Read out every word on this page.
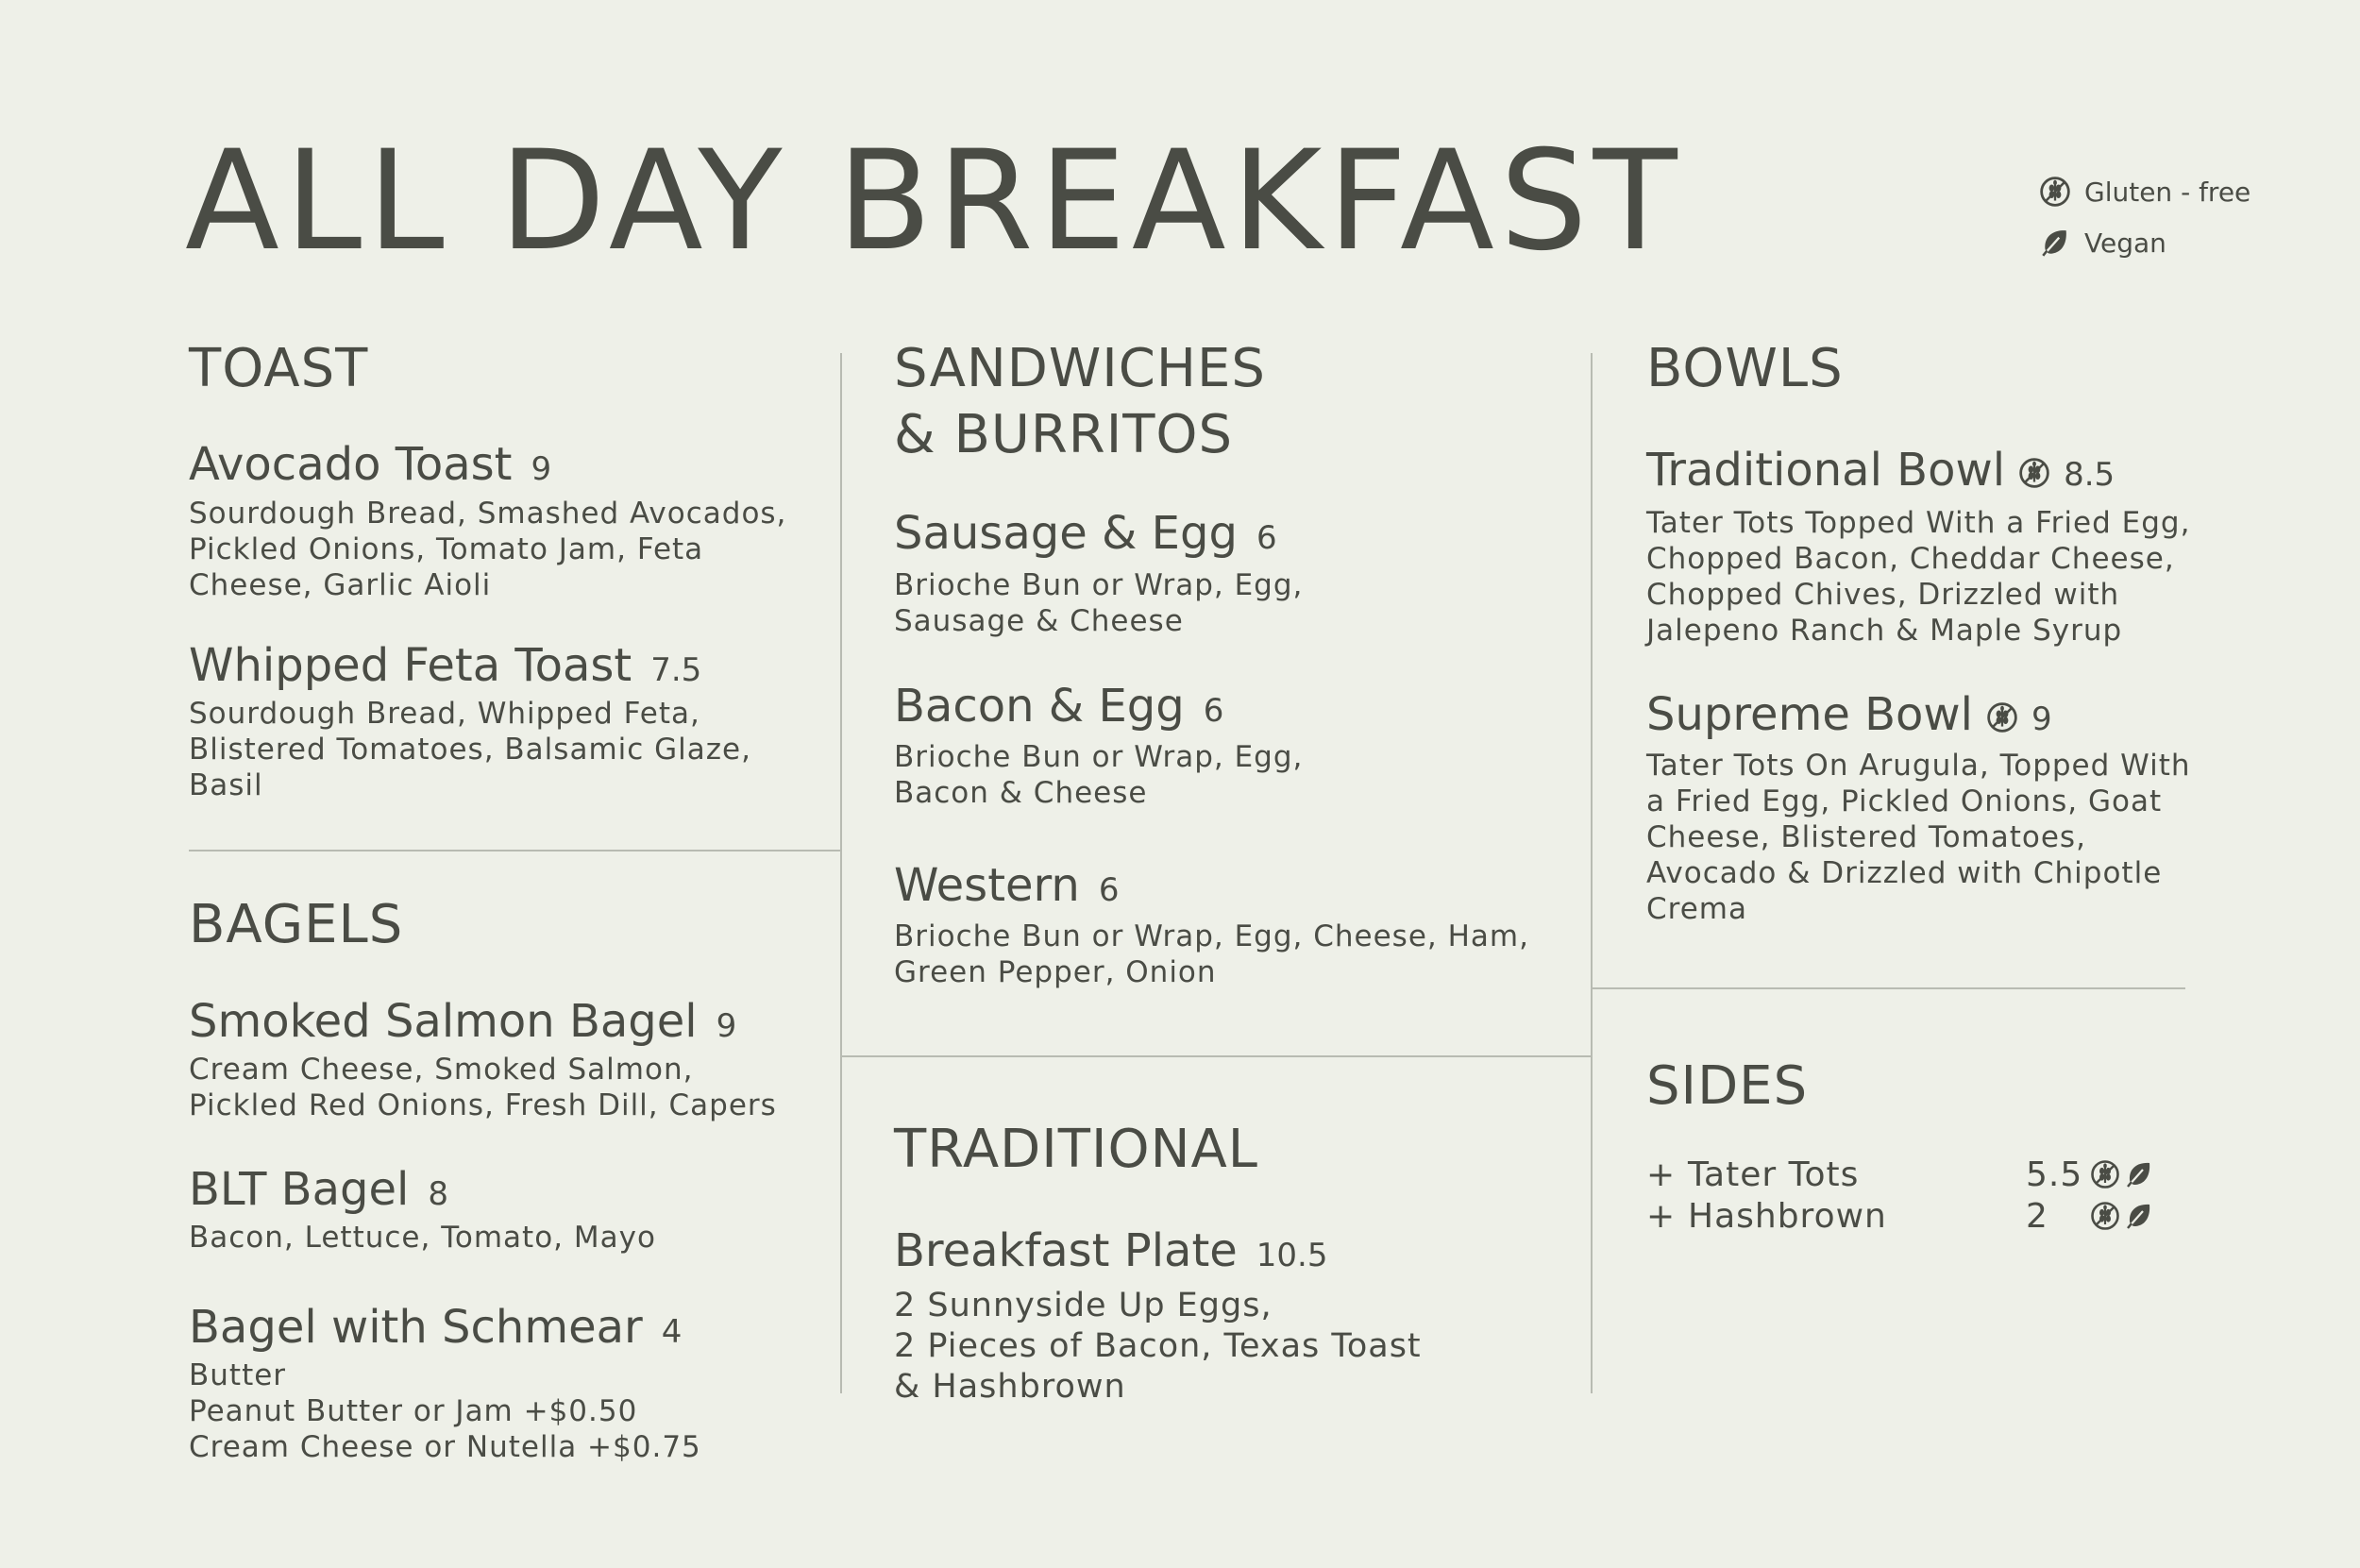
ALL DAY BREAKFAST	Gluten - free
Vegan
TOAST
Avocado Toast 9
Sourdough Bread, Smashed Avocados,
Pickled Onions, Tomato Jam, Feta
Cheese, Garlic Aioli
Whipped Feta Toast 7.5
Sourdough Bread, Whipped Feta,
Blistered Tomatoes, Balsamic Glaze,
Basil
BAGELS
Smoked Salmon Bagel 9
Cream Cheese, Smoked Salmon,
Pickled Red Onions, Fresh Dill, Capers
BLT Bagel 8
Bacon, Lettuce, Tomato, Mayo
Bagel with Schmear 4
Butter
Peanut Butter or Jam +$0.50
Cream Cheese or Nutella +$0.75
SANDWICHES
& BURRITOS
Sausage & Egg 6
Brioche Bun or Wrap, Egg,
Sausage & Cheese
Bacon & Egg 6
Brioche Bun or Wrap, Egg,
Bacon & Cheese
Western 6
Brioche Bun or Wrap, Egg, Cheese, Ham,
Green Pepper, Onion
TRADITIONAL
Breakfast Plate 10.5
2 Sunnyside Up Eggs,
2 Pieces of Bacon, Texas Toast
& Hashbrown
BOWLS
Traditional Bowl 8.5
Tater Tots Topped With a Fried Egg,
Chopped Bacon, Cheddar Cheese,
Chopped Chives, Drizzled with
Jalepeno Ranch & Maple Syrup
Supreme Bowl 9
Tater Tots On Arugula, Topped With
a Fried Egg, Pickled Onions, Goat
Cheese, Blistered Tomatoes,
Avocado & Drizzled with Chipotle
Crema
SIDES
+ Tater Tots	5.5
+ Hashbrown	2
